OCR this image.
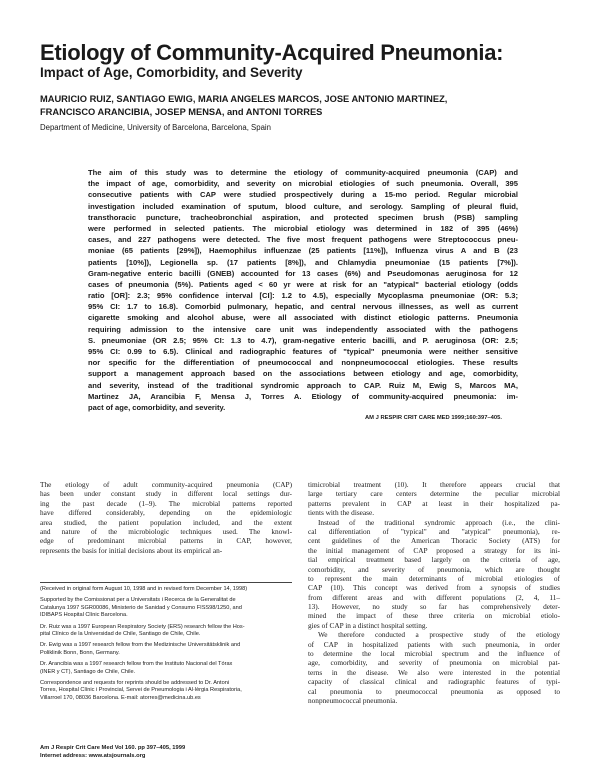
Etiology of Community-Acquired Pneumonia:
Impact of Age, Comorbidity, and Severity
MAURICIO RUIZ, SANTIAGO EWIG, MARIA ANGELES MARCOS, JOSE ANTONIO MARTINEZ,
FRANCISCO ARANCIBIA, JOSEP MENSA, and ANTONI TORRES
Department of Medicine, University of Barcelona, Barcelona, Spain
The aim of this study was to determine the etiology of community-acquired pneumonia (CAP) and
the impact of age, comorbidity, and severity on microbial etiologies of such pneumonia. Overall, 395
consecutive patients with CAP were studied prospectively during a 15-mo period. Regular microbial
investigation included examination of sputum, blood culture, and serology. Sampling of pleural fluid,
transthoracic puncture, tracheobronchial aspiration, and protected specimen brush (PSB) sampling
were performed in selected patients. The microbial etiology was determined in 182 of 395 (46%)
cases, and 227 pathogens were detected. The five most frequent pathogens were Streptococcus pneu-
moniae (65 patients [29%]), Haemophilus influenzae (25 patients [11%]), Influenza virus A and B (23
patients [10%]), Legionella sp. (17 patients [8%]), and Chlamydia pneumoniae (15 patients [7%]).
Gram-negative enteric bacilli (GNEB) accounted for 13 cases (6%) and Pseudomonas aeruginosa for 12
cases of pneumonia (5%). Patients aged < 60 yr were at risk for an "atypical" bacterial etiology (odds
ratio [OR]: 2.3; 95% confidence interval [CI]: 1.2 to 4.5), especially Mycoplasma pneumoniae (OR: 5.3;
95% CI: 1.7 to 16.8). Comorbid pulmonary, hepatic, and central nervous illnesses, as well as current
cigarette smoking and alcohol abuse, were all associated with distinct etiologic patterns. Pneumonia
requiring admission to the intensive care unit was independently associated with the pathogens
S. pneumoniae (OR 2.5; 95% CI: 1.3 to 4.7), gram-negative enteric bacilli, and P. aeruginosa (OR: 2.5;
95% CI: 0.99 to 6.5). Clinical and radiographic features of "typical" pneumonia were neither sensitive
nor specific for the differentiation of pneumococcal and nonpneumococcal etiologies. These results
support a management approach based on the associations between etiology and age, comorbidity,
and severity, instead of the traditional syndromic approach to CAP. Ruiz M, Ewig S, Marcos MA,
Martinez JA, Arancibia F, Mensa J, Torres A. Etiology of community-acquired pneumonia: im-
pact of age, comorbidity, and severity.
AM J RESPIR CRIT CARE MED 1999;160:397–405.
The etiology of adult community-acquired pneumonia (CAP)
has been under constant study in different local settings dur-
ing the past decade (1–9). The microbial patterns reported
have differed considerably, depending on the epidemiologic
area studied, the patient population included, and the extent
and nature of the microbiologic techniques used. The knowl-
edge of predominant microbial patterns in CAP, however,
represents the basis for initial decisions about its empirical an-
(Received in original form August 10, 1998 and in revised form December 14, 1998)
Supported by the Comissionat per a Universitats i Recerca de la Generalitat de
Catalunya 1997 SGR00086, Ministerio de Sanidad y Consumo FISS98/1250, and
IDIBAPS Hospital Clínic Barcelona.
Dr. Ruiz was a 1997 European Respiratory Society (ERS) research fellow the Hos-
pital Clínico de la Universidad de Chile, Santiago de Chile, Chile.
Dr. Ewig was a 1997 research fellow from the Medizinische Universitätsklinik and
Poliklinik Bonn, Bonn, Germany.
Dr. Arancibia was a 1997 research fellow from the Instituto Nacional del Tórax
(INER y CT), Santiago de Chile, Chile.
Correspondence and requests for reprints should be addressed to Dr. Antoni
Torres, Hospital Clínic i Provincial, Servei de Pneumologia i Al·lèrgia Respiratoria,
Villarroel 170, 08036 Barcelona. E-mail: atorres@medicina.ub.es
Am J Respir Crit Care Med Vol 160. pp 397–405, 1999
Internet address: www.atsjournals.org
timicrobial treatment (10). It therefore appears crucial that
large tertiary care centers determine the peculiar microbial
patterns prevalent in CAP at least in their hospitalized pa-
tients with the disease.
Instead of the traditional syndromic approach (i.e., the clini-
cal differentiation of "typical" and "atypical" pneumonia), re-
cent guidelines of the American Thoracic Society (ATS) for
the initial management of CAP proposed a strategy for its ini-
tial empirical treatment based largely on the criteria of age,
comorbidity, and severity of pneumonia, which are thought
to represent the main determinants of microbial etiologies of
CAP (10). This concept was derived from a synopsis of studies
from different areas and with different populations (2, 4, 11–
13). However, no study so far has comprehensively deter-
mined the impact of these three criteria on microbial etiolo-
gies of CAP in a distinct hospital setting.
We therefore conducted a prospective study of the etiology
of CAP in hospitalized patients with such pneumonia, in order
to determine the local microbial spectrum and the influence of
age, comorbidity, and severity of pneumonia on microbial pat-
terns in the disease. We also were interested in the potential
capacity of classical clinical and radiographic features of typi-
cal pneumonia to pneumococcal pneumonia as opposed to
nonpneumococcal pneumonia.
